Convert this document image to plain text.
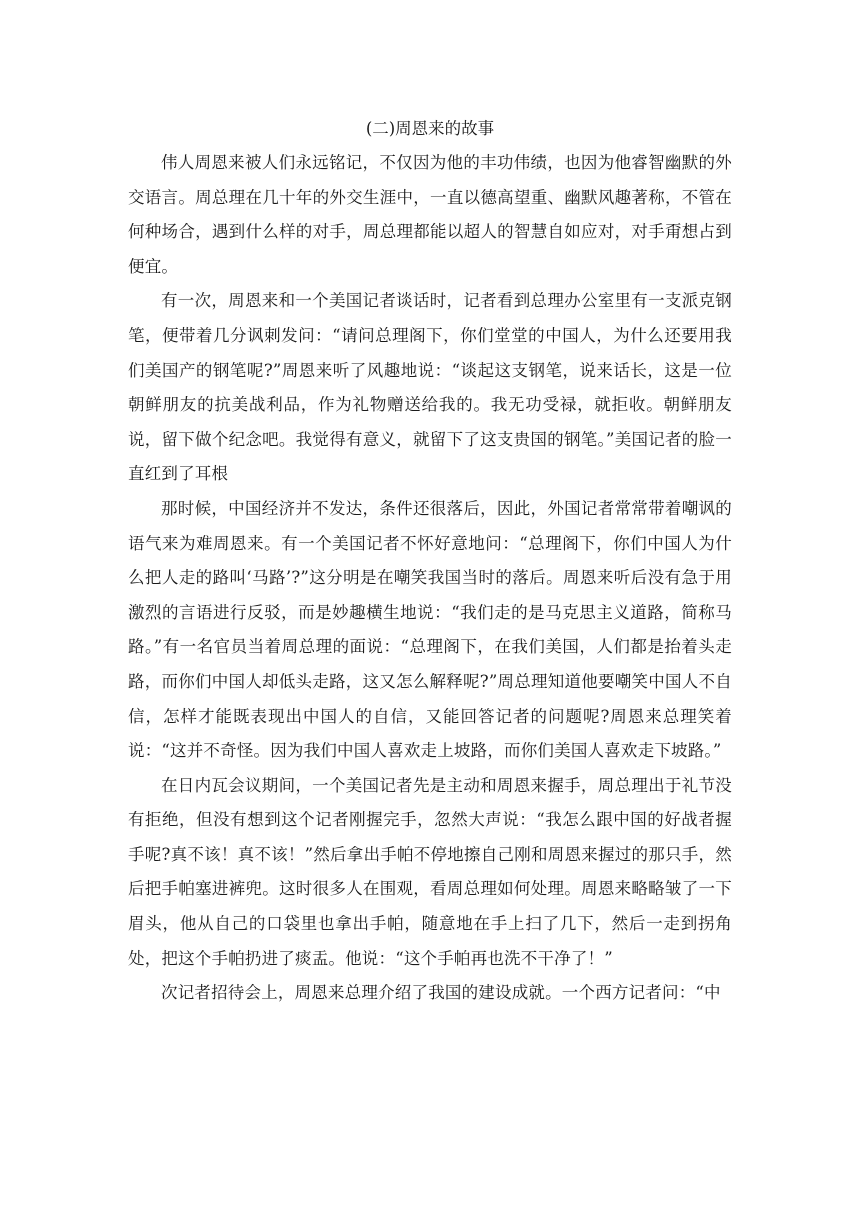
(二)周恩来的故事

伟人周恩来被人们永远铭记，不仅因为他的丰功伟绩，也因为他睿智幽默的外交语言。周总理在几十年的外交生涯中，一直以德高望重、幽默风趣著称，不管在何种场合，遇到什么样的对手，周总理都能以超人的智慧自如应对，对手甭想占到便宜。

有一次，周恩来和一个美国记者谈话时，记者看到总理办公室里有一支派克钢笔，便带着几分讽刺发问：“请问总理阁下，你们堂堂的中国人，为什么还要用我们美国产的钢笔呢?”周恩来听了风趣地说：“谈起这支钢笔，说来话长，这是一位朝鲜朋友的抗美战利品，作为礼物赠送给我的。我无功受禄，就拒收。朝鲜朋友说，留下做个纪念吧。我觉得有意义，就留下了这支贵国的钢笔。”美国记者的脸一直红到了耳根

那时候，中国经济并不发达，条件还很落后，因此，外国记者常常带着嘲讽的语气来为难周恩来。有一个美国记者不怀好意地问：“总理阁下，你们中国人为什么把人走的路叫‘马路’?”这分明是在嘲笑我国当时的落后。周恩来听后没有急于用激烈的言语进行反驳，而是妙趣横生地说：“我们走的是马克思主义道路，简称马路。”有一名官员当着周总理的面说：“总理阁下，在我们美国，人们都是抬着头走路，而你们中国人却低头走路，这又怎么解释呢?”周总理知道他要嘲笑中国人不自信，怎样才能既表现出中国人的自信，又能回答记者的问题呢?周恩来总理笑着说：“这并不奇怪。因为我们中国人喜欢走上坡路，而你们美国人喜欢走下坡路。”

在日内瓦会议期间，一个美国记者先是主动和周恩来握手，周总理出于礼节没有拒绝，但没有想到这个记者刚握完手，忽然大声说：“我怎么跟中国的好战者握手呢?真不该！真不该！”然后拿出手帕不停地擦自己刚和周恩来握过的那只手，然后把手帕塞进裤兜。这时很多人在围观，看周总理如何处理。周恩来略略皱了一下眉头，他从自己的口袋里也拿出手帕，随意地在手上扫了几下，然后一走到拐角处，把这个手帕扔进了痰盂。他说：“这个手帕再也洗不干净了！”

次记者招待会上，周恩来总理介绍了我国的建设成就。一个西方记者问：“中
